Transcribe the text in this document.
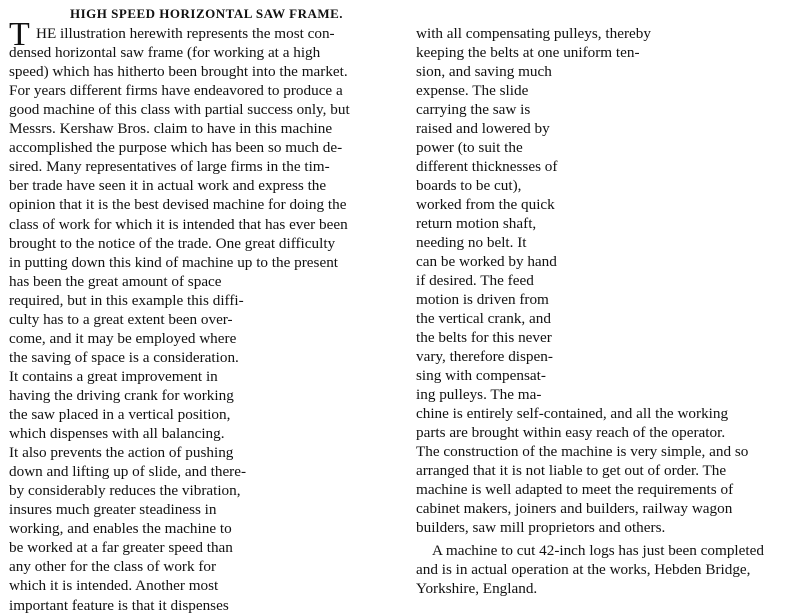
HIGH SPEED HORIZONTAL SAW FRAME.
T HE illustration herewith represents the most con-
densed horizontal saw frame (for working at a high
speed) which has hitherto been brought into the market.
For years different firms have endeavored to produce a
good machine of this class with partial success only, but
Messrs. Kershaw Bros. claim to have in this machine
accomplished the purpose which has been so much de-
sired. Many representatives of large firms in the tim-
ber trade have seen it in actual work and express the
opinion that it is the best devised machine for doing the
class of work for which it is intended that has ever been
brought to the notice of the trade. One great difficulty
in putting down this kind of machine up to the present
has been the great amount of space
required, but in this example this diffi-
culty has to a great extent been over-
come, and it may be employed where
the saving of space is a consideration.
It contains a great improvement in
having the driving crank for working
the saw placed in a vertical position,
which dispenses with all balancing.
It also prevents the action of pushing
down and lifting up of slide, and there-
by considerably reduces the vibration,
insures much greater steadiness in
working, and enables the machine to
be worked at a far greater speed than
any other for the class of work for
which it is intended. Another most
important feature is that it dispenses
with all compensating pulleys, thereby
keeping the belts at one uniform ten-
sion, and saving much
expense. The slide
carrying the saw is
raised and lowered by
power (to suit the
different thicknesses of
boards to be cut),
worked from the quick
return motion shaft,
needing no belt. It
can be worked by hand
if desired. The feed
motion is driven from
the vertical crank, and
the belts for this never
vary, therefore dispen-
sing with compensat-
ing pulleys. The ma-
chine is entirely self-contained, and all the working
parts are brought within easy reach of the operator.
The construction of the machine is very simple, and so
arranged that it is not liable to get out of order. The
machine is well adapted to meet the requirements of
cabinet makers, joiners and builders, railway wagon
builders, saw mill proprietors and others.
A machine to cut 42-inch logs has just been completed
and is in actual operation at the works, Hebden Bridge,
Yorkshire, England.
